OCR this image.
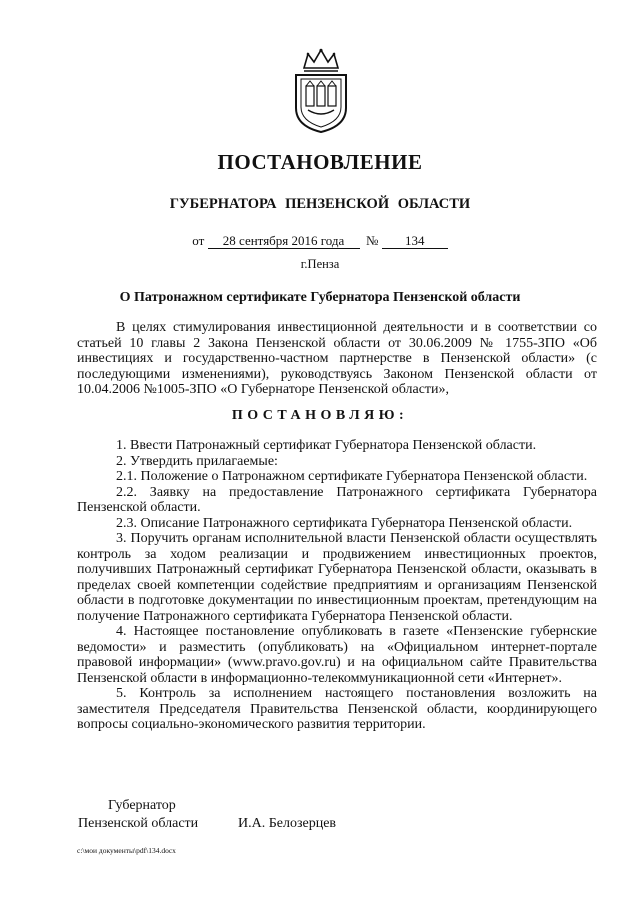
ПОСТАНОВЛЕНИЕ
ГУБЕРНАТОРА ПЕНЗЕНСКОЙ ОБЛАСТИ
от 28 сентября 2016 года № 134
г.Пенза
О Патронажном сертификате Губернатора Пензенской области

В целях стимулирования инвестиционной деятельности и в соответствии со статьей 10 главы 2 Закона Пензенской области от 30.06.2009 № 1755-ЗПО «Об инвестициях и государственно-частном партнерстве в Пензенской области» (с последующими изменениями), руководствуясь Законом Пензенской области от 10.04.2006 №1005-ЗПО «О Губернаторе Пензенской области»,

ПОСТАНОВЛЯЮ:

1. Ввести Патронажный сертификат Губернатора Пензенской области.

2. Утвердить прилагаемые:

2.1. Положение о Патронажном сертификате Губернатора Пензенской области.

2.2. Заявку на предоставление Патронажного сертификата Губернатора Пензенской области.

2.3. Описание Патронажного сертификата Губернатора Пензенской области.

3. Поручить органам исполнительной власти Пензенской области осуществлять контроль за ходом реализации и продвижением инвестиционных проектов, получивших Патронажный сертификат Губернатора Пензенской области, оказывать в пределах своей компетенции содействие предприятиям и организациям Пензенской области в подготовке документации по инвестиционным проектам, претендующим на получение Патронажного сертификата Губернатора Пензенской области.

4. Настоящее постановление опубликовать в газете «Пензенские губернские ведомости» и разместить (опубликовать) на «Официальном интернет-портале правовой информации» (www.pravo.gov.ru) и на официальном сайте Правительства Пензенской области в информационно-телекоммуникационной сети «Интернет».

5. Контроль за исполнением настоящего постановления возложить на заместителя Председателя Правительства Пензенской области, координирующего вопросы социально-экономического развития территории.

Губернатор
Пензенской области	И.А. Белозерцев
c:\мои документы\pdf\134.docx
